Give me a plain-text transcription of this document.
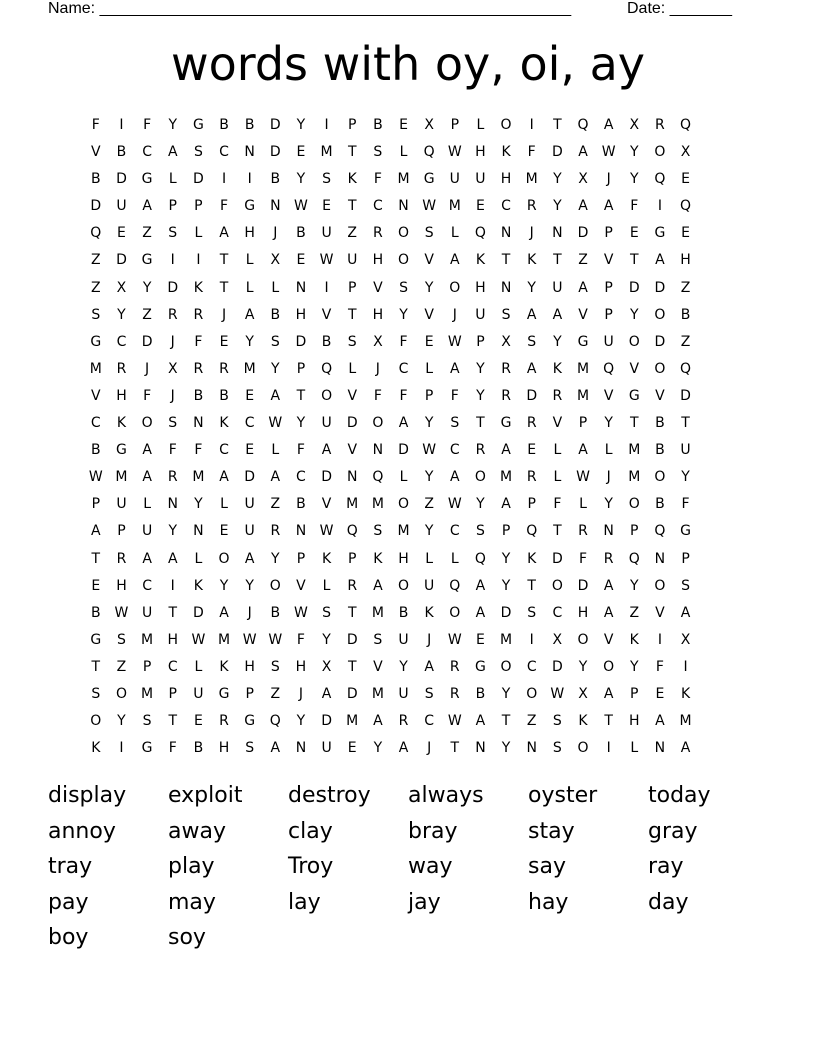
Name: _____________________________________________________	Date: _______
words with oy, oi, ay
F I F Y G B B D Y I P B E X P L O I T Q A X R Q
V B C A S C N D E M T S L Q W H K F D A W Y O X
B D G L D I I B Y S K F M G U U H M Y X J Y Q E
D U A P P F G N W E T C N W M E C R Y A A F I Q
Q E Z S L A H J B U Z R O S L Q N J N D P E G E
Z D G I I T L X E W U H O V A K T K T Z V T A H
Z X Y D K T L L N I P V S Y O H N Y U A P D D Z
S Y Z R R J A B H V T H Y V J U S A A V P Y O B
G C D J F E Y S D B S X F E W P X S Y G U O D Z
M R J X R R M Y P Q L J C L A Y R A K M Q V O Q
V H F J B B E A T O V F F P F Y R D R M V G V D
C K O S N K C W Y U D O A Y S T G R V P Y T B T
B G A F F C E L F A V N D W C R A E L A L M B U
W M A R M A D A C D N Q L Y A O M R L W J M O Y
P U L N Y L U Z B V M M O Z W Y A P F L Y O B F
A P U Y N E U R N W Q S M Y C S P Q T R N P Q G
T R A A L O A Y P K P K H L L Q Y K D F R Q N P
E H C I K Y Y O V L R A O U Q A Y T O D A Y O S
B W U T D A J B W S T M B K O A D S C H A Z V A
G S M H W M W W F Y D S U J W E M I X O V K I X
T Z P C L K H S H X T V Y A R G O C D Y O Y F I
S O M P U G P Z J A D M U S R B Y O W X A P E K
O Y S T E R G Q Y D M A R C W A T Z S K T H A M
K I G F B H S A N U E Y A J T N Y N S O I L N A
display	exploit	destroy	always	oyster	today
annoy	away	clay	bray	stay	gray
tray	play	Troy	way	say	ray
pay	may	lay	jay	hay	day
boy	soy
